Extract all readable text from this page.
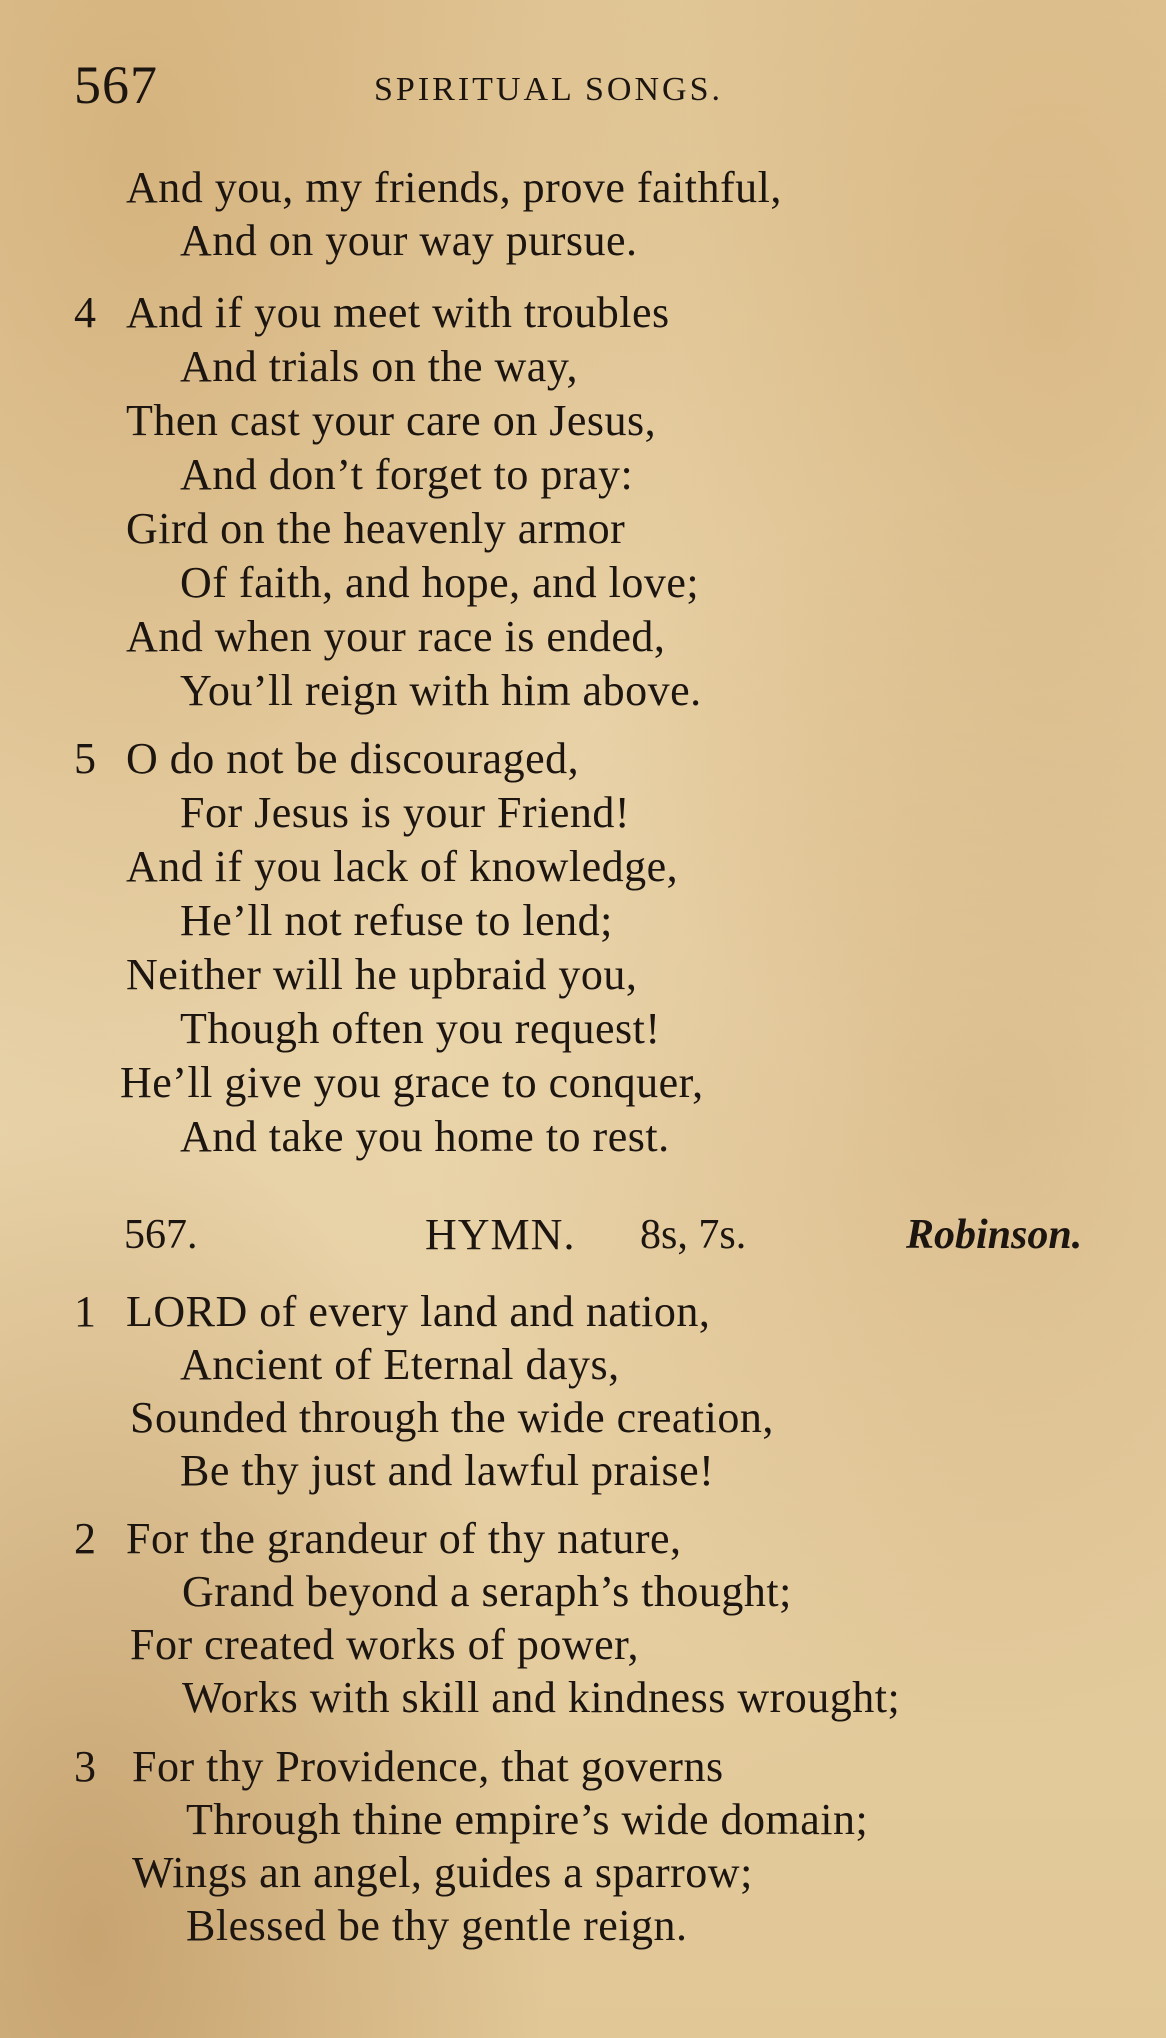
567	SPIRITUAL SONGS.
And you, my friends, prove faithful,
And on your way pursue.
4 And if you meet with troubles
And trials on the way,
Then cast your care on Jesus,
And don’t forget to pray:
Gird on the heavenly armor
Of faith, and hope, and love;
And when your race is ended,
You’ll reign with him above.
5 O do not be discouraged,
For Jesus is your Friend!
And if you lack of knowledge,
He’ll not refuse to lend;
Neither will he upbraid you,
Though often you request!
He’ll give you grace to conquer,
And take you home to rest.
567.	HYMN. 8s, 7s.	Robinson.
1 LORD of every land and nation,
Ancient of Eternal days,
Sounded through the wide creation,
Be thy just and lawful praise!
2 For the grandeur of thy nature,
Grand beyond a seraph’s thought;
For created works of power,
Works with skill and kindness wrought;
3 For thy Providence, that governs
Through thine empire’s wide domain;
Wings an angel, guides a sparrow;
Blessed be thy gentle reign.
